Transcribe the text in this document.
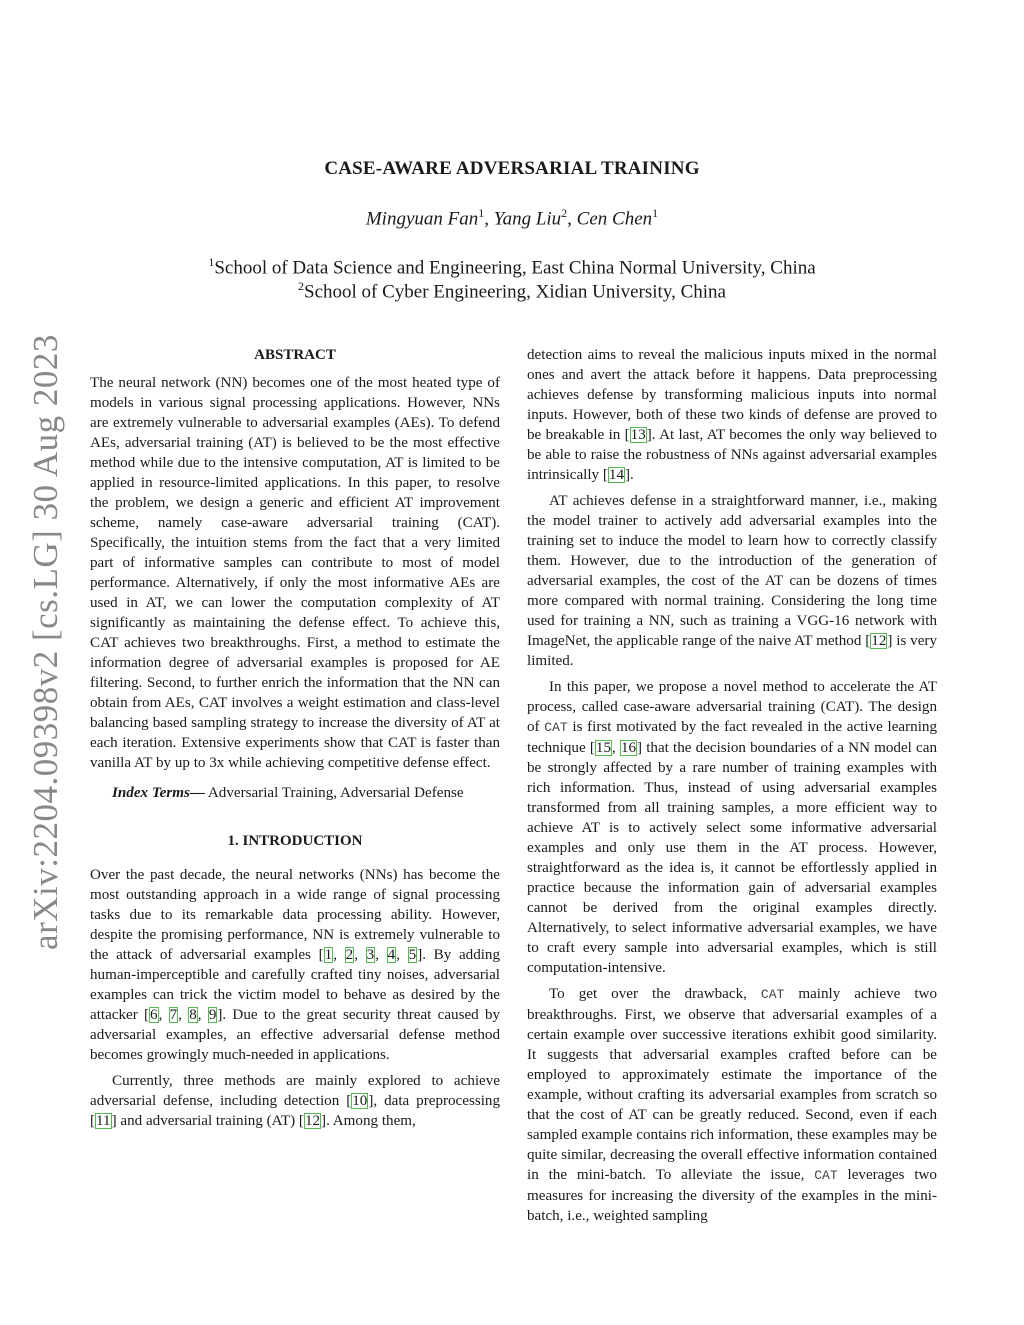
arXiv:2204.09398v2 [cs.LG] 30 Aug 2023
CASE-AWARE ADVERSARIAL TRAINING
Mingyuan Fan$^1$, Yang Liu$^2$, Cen Chen$^1$
$^1$School of Data Science and Engineering, East China Normal University, China
$^2$School of Cyber Engineering, Xidian University, China
ABSTRACT

The neural network (NN) becomes one of the most heated type of models in various signal processing applications. However, NNs are extremely vulnerable to adversarial examples (AEs). To defend AEs, adversarial training (AT) is believed to be the most effective method while due to the intensive computation, AT is limited to be applied in resource-limited applications. In this paper, to resolve the problem, we design a generic and efficient AT improvement scheme, namely case-aware adversarial training (CAT). Specifically, the intuition stems from the fact that a very limited part of informative samples can contribute to most of model performance. Alternatively, if only the most informative AEs are used in AT, we can lower the computation complexity of AT significantly as maintaining the defense effect. To achieve this, CAT achieves two breakthroughs. First, a method to estimate the information degree of adversarial examples is proposed for AE filtering. Second, to further enrich the information that the NN can obtain from AEs, CAT involves a weight estimation and class-level balancing based sampling strategy to increase the diversity of AT at each iteration. Extensive experiments show that CAT is faster than vanilla AT by up to 3x while achieving competitive defense effect.

Index Terms— Adversarial Training, Adversarial Defense

1. INTRODUCTION

Over the past decade, the neural networks (NNs) has become the most outstanding approach in a wide range of signal processing tasks due to its remarkable data processing ability. However, despite the promising performance, NN is extremely vulnerable to the attack of adversarial examples [1, 2, 3, 4, 5]. By adding human-imperceptible and carefully crafted tiny noises, adversarial examples can trick the victim model to behave as desired by the attacker [6, 7, 8, 9]. Due to the great security threat caused by adversarial examples, an effective adversarial defense method becomes growingly much-needed in applications.

Currently, three methods are mainly explored to achieve adversarial defense, including detection [10], data preprocessing [11] and adversarial training (AT) [12]. Among them,

detection aims to reveal the malicious inputs mixed in the normal ones and avert the attack before it happens. Data preprocessing achieves defense by transforming malicious inputs into normal inputs. However, both of these two kinds of defense are proved to be breakable in [13]. At last, AT becomes the only way believed to be able to raise the robustness of NNs against adversarial examples intrinsically [14].

AT achieves defense in a straightforward manner, i.e., making the model trainer to actively add adversarial examples into the training set to induce the model to learn how to correctly classify them. However, due to the introduction of the generation of adversarial examples, the cost of the AT can be dozens of times more compared with normal training. Considering the long time used for training a NN, such as training a VGG-16 network with ImageNet, the applicable range of the naive AT method [12] is very limited.

In this paper, we propose a novel method to accelerate the AT process, called case-aware adversarial training (CAT). The design of CAT is first motivated by the fact revealed in the active learning technique [15, 16] that the decision boundaries of a NN model can be strongly affected by a rare number of training examples with rich information. Thus, instead of using adversarial examples transformed from all training samples, a more efficient way to achieve AT is to actively select some informative adversarial examples and only use them in the AT process. However, straightforward as the idea is, it cannot be effortlessly applied in practice because the information gain of adversarial examples cannot be derived from the original examples directly. Alternatively, to select informative adversarial examples, we have to craft every sample into adversarial examples, which is still computation-intensive.

To get over the drawback, CAT mainly achieve two breakthroughs. First, we observe that adversarial examples of a certain example over successive iterations exhibit good similarity. It suggests that adversarial examples crafted before can be employed to approximately estimate the importance of the example, without crafting its adversarial examples from scratch so that the cost of AT can be greatly reduced. Second, even if each sampled example contains rich information, these examples may be quite similar, decreasing the overall effective information contained in the mini-batch. To alleviate the issue, CAT leverages two measures for increasing the diversity of the examples in the mini-batch, i.e., weighted sampling
